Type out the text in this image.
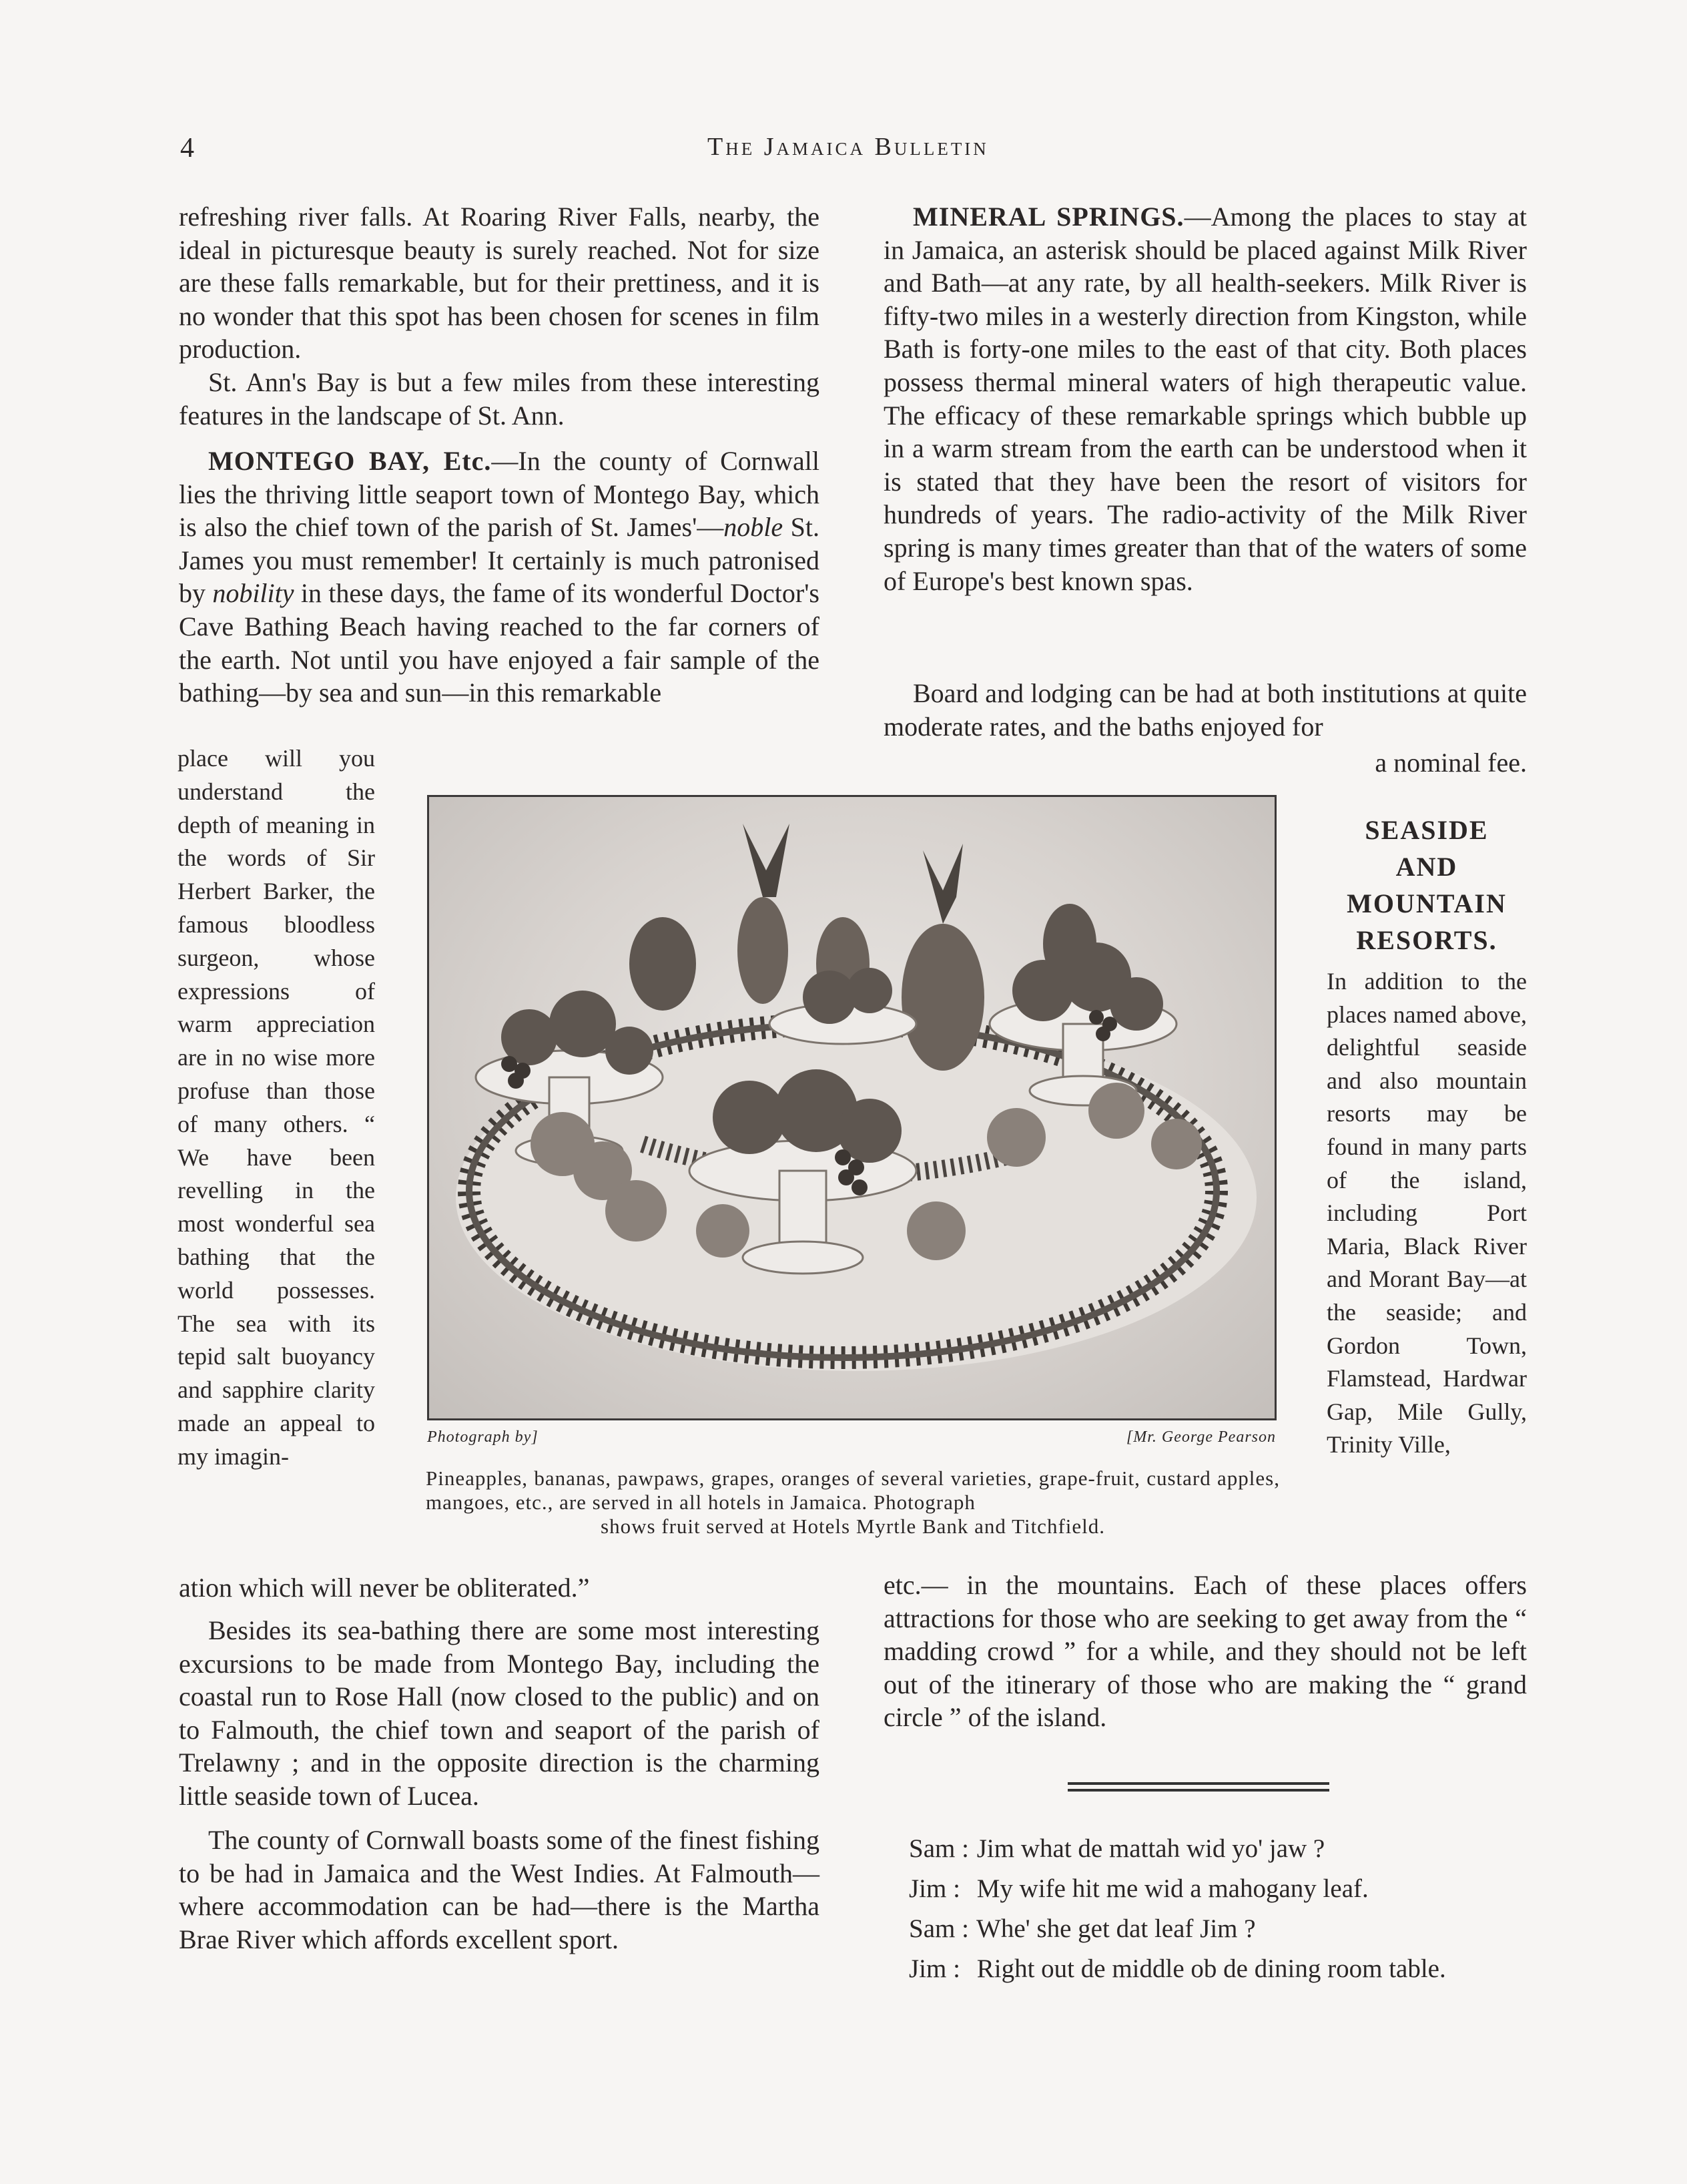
4	The Jamaica Bulletin

refreshing river falls. At Roaring River Falls, nearby, the ideal in picturesque beauty is surely reached. Not for size are these falls remarkable, but for their prettiness, and it is no wonder that this spot has been chosen for scenes in film production.

St. Ann's Bay is but a few miles from these interesting features in the landscape of St. Ann.

MONTEGO BAY, Etc.—In the county of Cornwall lies the thriving little seaport town of Montego Bay, which is also the chief town of the parish of St. James'—noble St. James you must remember! It certainly is much patronised by nobility in these days, the fame of its wonderful Doctor's Cave Bathing Beach having reached to the far corners of the earth. Not until you have enjoyed a fair sample of the bathing—by sea and sun—in this remarkable

place will you understand the depth of meaning in the words of Sir Herbert Barker, the famous bloodless surgeon, whose expressions of warm appreciation are in no wise more profuse than those of many others. “ We have been revelling in the most wonderful sea bathing that the world possesses. The sea with its tepid salt buoyancy and sapphire clarity made an appeal to my imagin-

ation which will never be obliterated.”

Besides its sea-bathing there are some most interesting excursions to be made from Montego Bay, including the coastal run to Rose Hall (now closed to the public) and on to Falmouth, the chief town and seaport of the parish of Trelawny ; and in the opposite direction is the charming little seaside town of Lucea.

The county of Cornwall boasts some of the finest fishing to be had in Jamaica and the West Indies. At Falmouth—where accommodation can be had—there is the Martha Brae River which affords excellent sport.

MINERAL SPRINGS.—Among the places to stay at in Jamaica, an asterisk should be placed against Milk River and Bath—at any rate, by all health-seekers. Milk River is fifty-two miles in a westerly direction from Kingston, while Bath is forty-one miles to the east of that city. Both places possess thermal mineral waters of high therapeutic value. The efficacy of these remarkable springs which bubble up in a warm stream from the earth can be understood when it is stated that they have been the resort of visitors for hundreds of years. The radio-activity of the Milk River spring is many times greater than that of the waters of some of Europe's best known spas.

Board and lodging can be had at both institutions at quite moderate rates, and the baths enjoyed for

a nominal fee.

SEASIDE
AND
MOUNTAIN
RESORTS.

In addition to the places named above, delightful seaside and also mountain resorts may be found in many parts of the island, including Port Maria, Black River and Morant Bay—at the seaside; and Gordon Town, Flamstead, Hardwar Gap, Mile Gully, Trinity Ville,

etc.— in the mountains. Each of these places offers attractions for those who are seeking to get away from the “ madding crowd ” for a while, and they should not be left out of the itinerary of those who are making the “ grand circle ” of the island.

Photograph by]	[Mr. George Pearson
Pineapples, bananas, pawpaws, grapes, oranges of several varieties, grape-fruit, custard apples, mangoes, etc., are served in all hotels in Jamaica. Photograph
shows fruit served at Hotels Myrtle Bank and Titchfield.
Sam : Jim what de mattah wid yo' jaw ?
Jim : My wife hit me wid a mahogany leaf.
Sam : Whe' she get dat leaf Jim ?
Jim : Right out de middle ob de dining room table.
